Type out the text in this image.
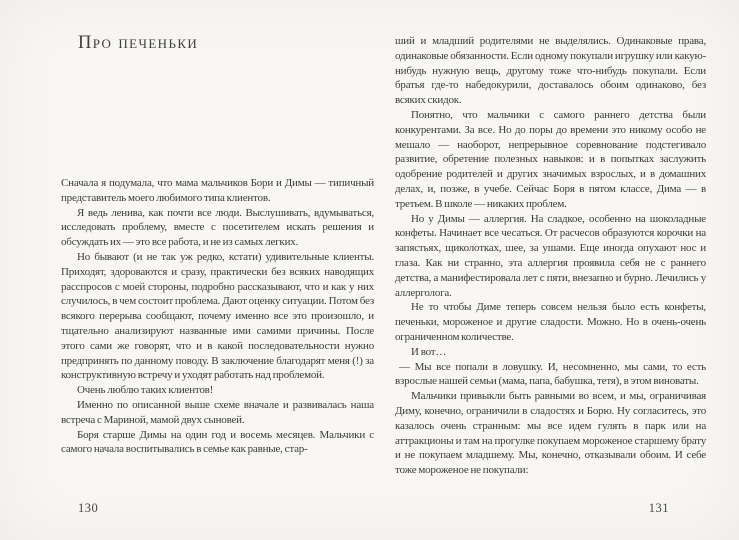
Про печеньки

Сначала я подумала, что мама мальчиков Бори и Димы — типичный представитель моего любимого типа клиентов.

Я ведь ленива, как почти все люди. Выслушивать, вдумываться, исследовать проблему, вместе с посетителем искать решения и обсуждать их — это все работа, и не из самых легких.

Но бывают (и не так уж редко, кстати) удивительные клиенты. Приходят, здороваются и сразу, практически без всяких наводящих расспросов с моей стороны, подробно рассказывают, что и как у них случилось, в чем состоит проблема. Дают оценку ситуации. Потом без всякого перерыва сообщают, почему именно все это произошло, и тщательно анализируют названные ими самими причины. После этого сами же говорят, что и в какой последовательности нужно предпринять по данному поводу. В заключение благодарят меня (!) за конструктивную встречу и уходят работать над проблемой.

Очень люблю таких клиентов!

Именно по описанной выше схеме вначале и развивалась наша встреча с Мариной, мамой двух сыновей.

Боря старше Димы на один год и восемь месяцев. Мальчики с самого начала воспитывались в семье как равные, стар-

130

ший и младший родителями не выделялись. Одинаковые права, одинаковые обязанности. Если одному покупали игрушку или какую-нибудь нужную вещь, другому тоже что-нибудь покупали. Если братья где-то набедокурили, доставалось обоим одинаково, без всяких скидок.

Понятно, что мальчики с самого раннего детства были конкурентами. За все. Но до поры до времени это никому особо не мешало — наоборот, непрерывное соревнование подстегивало развитие, обретение полезных навыков: и в попытках заслужить одобрение родителей и других значимых взрослых, и в домашних делах, и, позже, в учебе. Сейчас Боря в пятом классе, Дима — в третьем. В школе — никаких проблем.

Но у Димы — аллергия. На сладкое, особенно на шоколадные конфеты. Начинает все чесаться. От расчесов образуются корочки на запястьях, щиколотках, шее, за ушами. Еще иногда опухают нос и глаза. Как ни странно, эта аллергия проявила себя не с раннего детства, а манифестировала лет с пяти, внезапно и бурно. Лечились у аллерголога.

Не то чтобы Диме теперь совсем нельзя было есть конфеты, печеньки, мороженое и другие сладости. Можно. Но в очень-очень ограниченном количестве.

И вот…

— Мы все попали в ловушку. И, несомненно, мы сами, то есть взрослые нашей семьи (мама, папа, бабушка, тетя), в этом виноваты.

Мальчики привыкли быть равными во всем, и мы, ограничивая Диму, конечно, ограничили в сладостях и Борю. Ну согласитесь, это казалось очень странным: мы все идем гулять в парк или на аттракционы и там на прогулке покупаем мороженое старшему брату и не покупаем младшему. Мы, конечно, отказывали обоим. И себе тоже мороженое не покупали:

131
